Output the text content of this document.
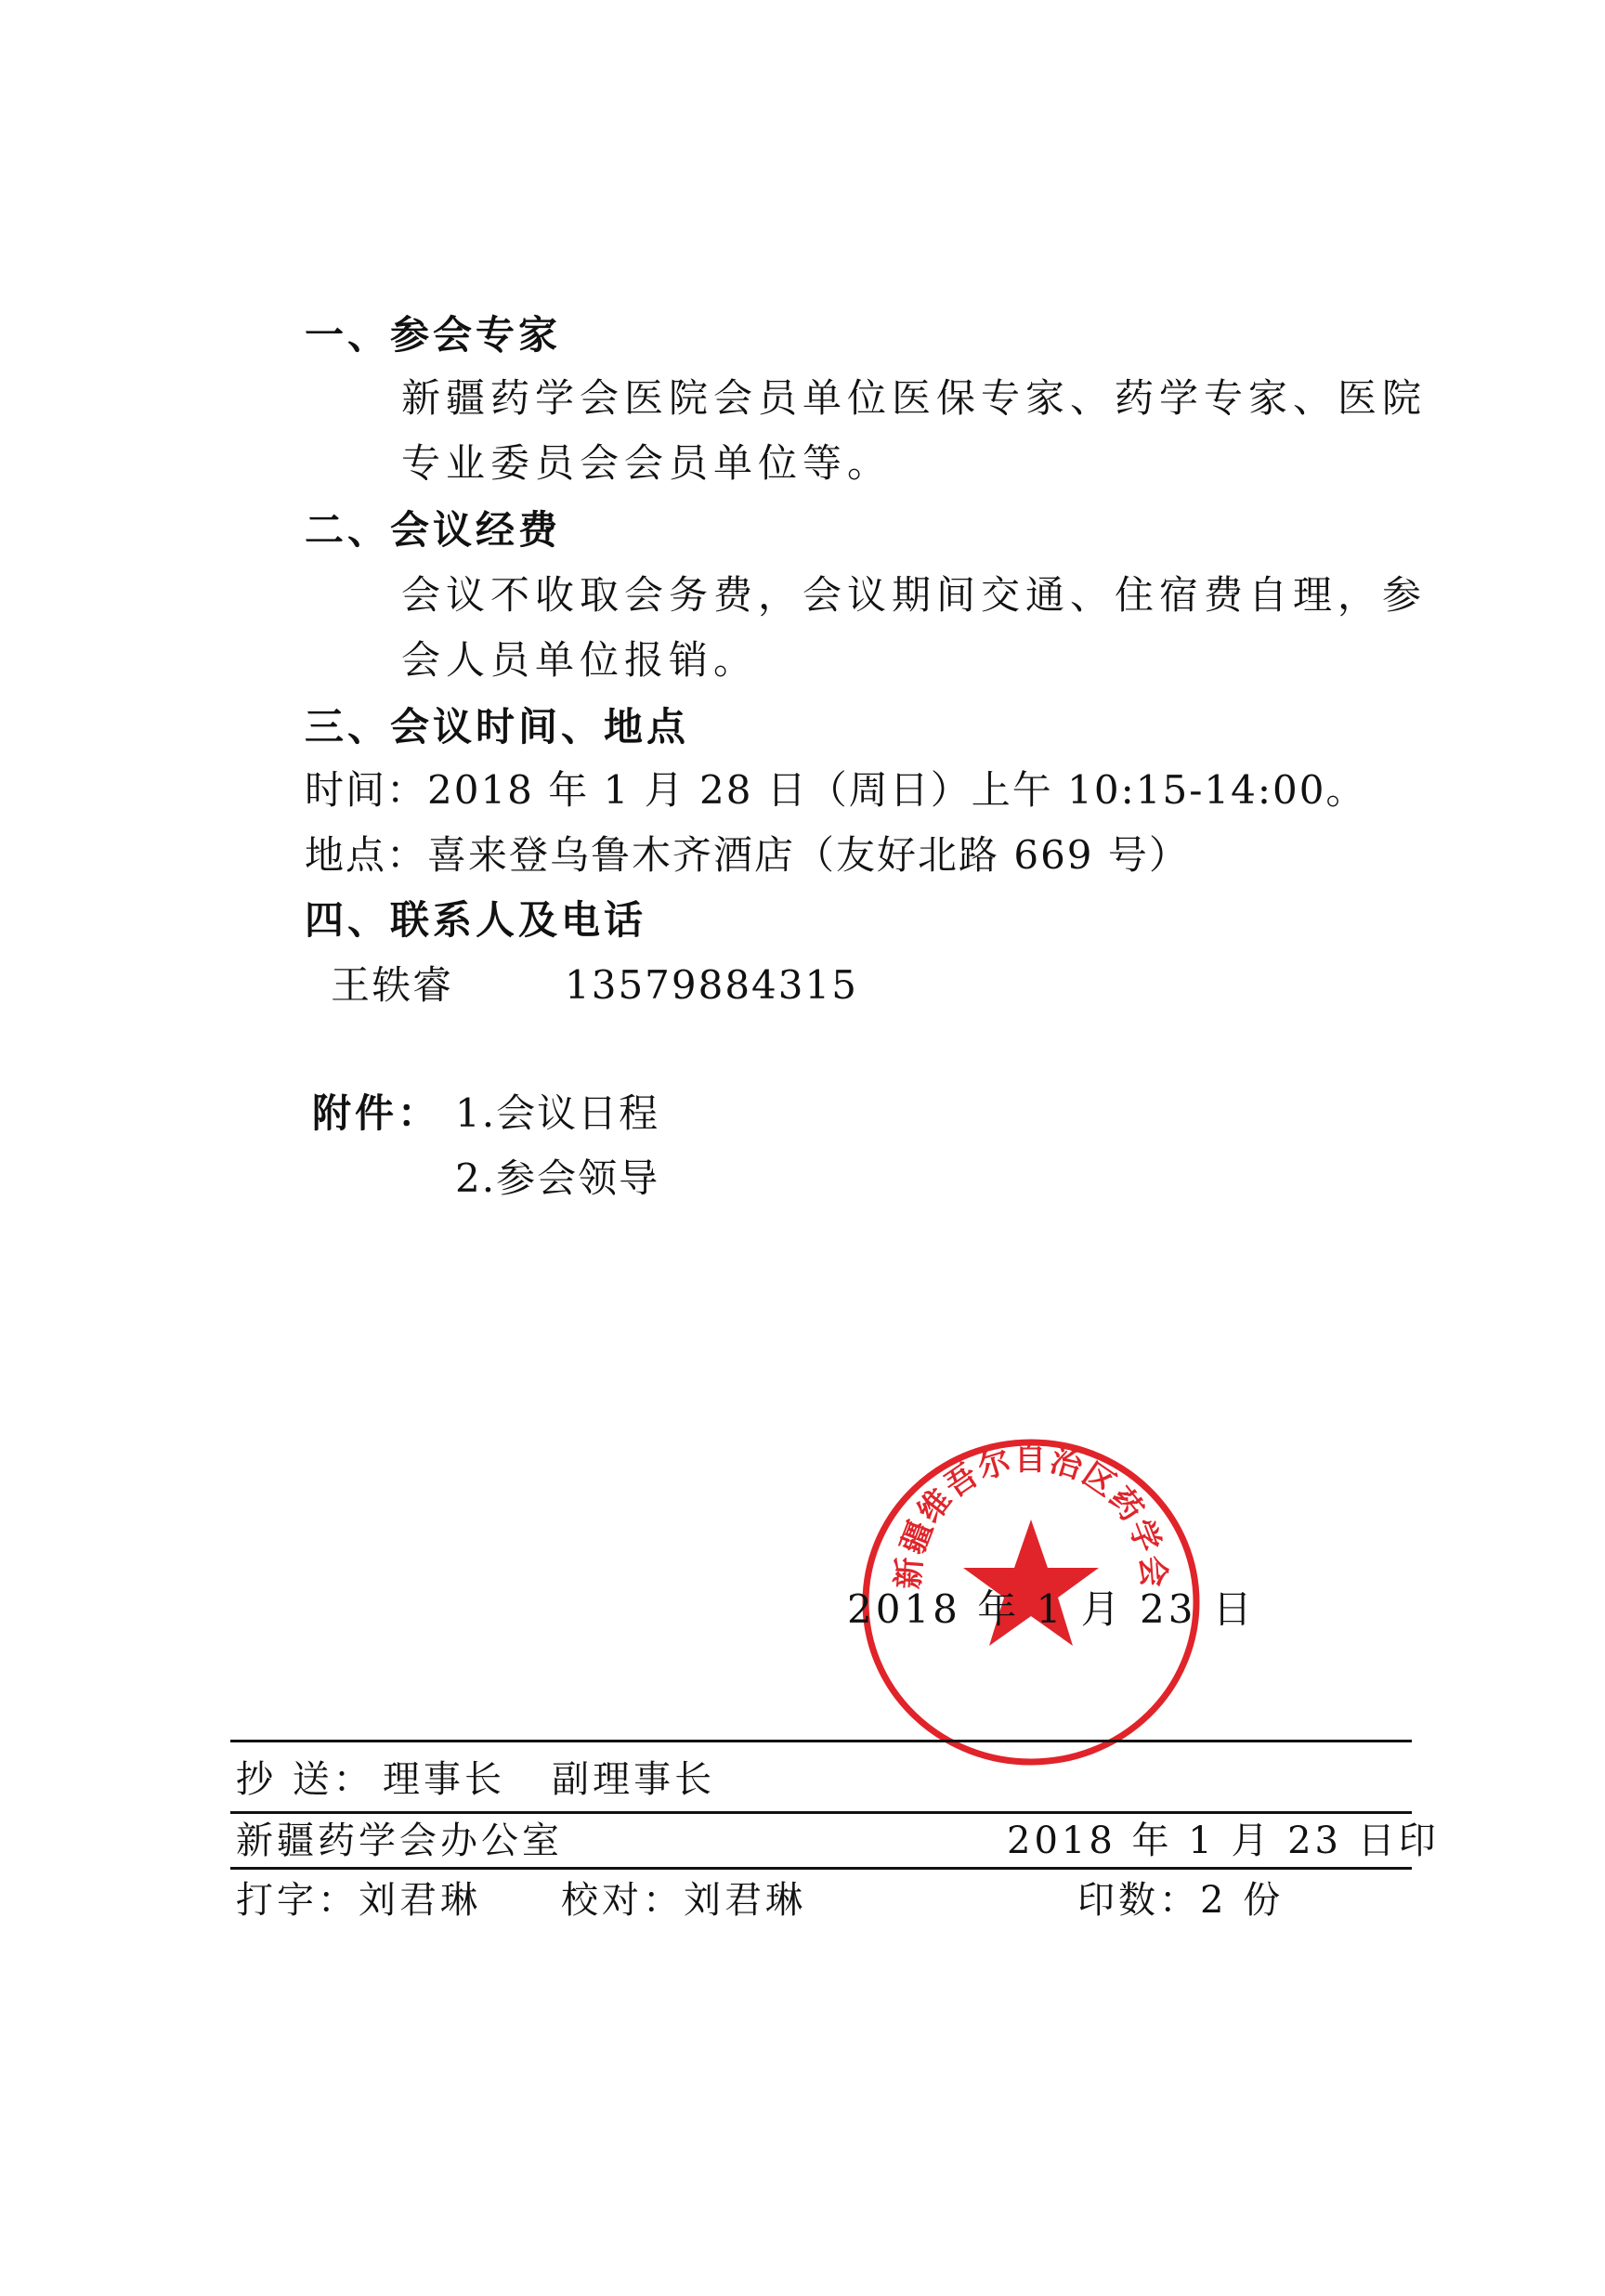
一、参会专家
新疆药学会医院会员单位医保专家、药学专家、医院
专业委员会会员单位等。
二、会议经费
会议不收取会务费，会议期间交通、住宿费自理，参
会人员单位报销。
三、会议时间、地点
时间：2018 年 1 月 28 日（周日）上午 10:15-14:00。
地点：喜来登乌鲁木齐酒店（友好北路 669 号）
四、联系人及电话
王轶睿	13579884315
附件： 1.会议日程
2.参会领导
新疆维吾尔自治区药学会
2018 年 1 月 23 日
抄 送： 理事长   副理事长
新疆药学会办公室	2018 年 1 月 23 日印
打字：刘君琳 校对：刘君琳	印数：2 份
